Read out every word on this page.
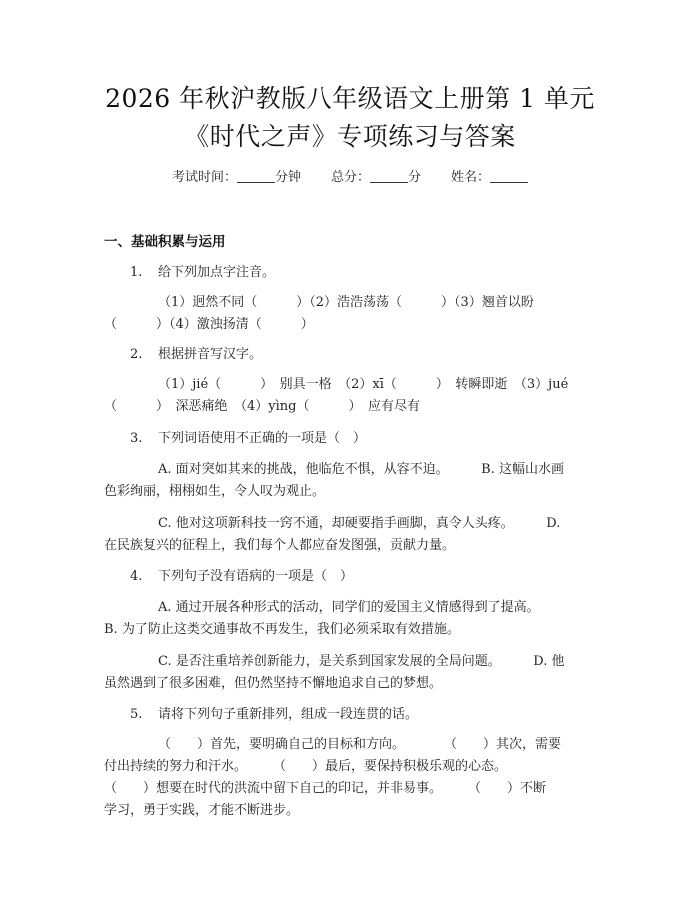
2026 年秋沪教版八年级语文上册第 1 单元
《时代之声》专项练习与答案
考试时间：	分钟 总分：	分 姓名：
一、基础积累与运用
1. 给下列加点字注音。
（1）迥然不同（　　　）（2）浩浩荡荡（　　　）（3）翘首以盼
（　　　）（4）激浊扬清（　　　）
2. 根据拼音写汉字。
（1）jié（　　　）　别具一格　（2）xī（　　　）　转瞬即逝　（3）jué
（　　　）　深恶痛绝　（4）yìng（　　　）　应有尽有
3. 下列词语使用不正确的一项是（　）
A. 面对突如其来的挑战，他临危不惧，从容不迫。　　　B. 这幅山水画
色彩绚丽，栩栩如生，令人叹为观止。
C. 他对这项新科技一窍不通，却硬要指手画脚，真令人头疼。　　　D.
在民族复兴的征程上，我们每个人都应奋发图强，贡献力量。
4. 下列句子没有语病的一项是（　）
A. 通过开展各种形式的活动，同学们的爱国主义情感得到了提高。
B. 为了防止这类交通事故不再发生，我们必须采取有效措施。
C. 是否注重培养创新能力，是关系到国家发展的全局问题。　　　D. 他
虽然遇到了很多困难，但仍然坚持不懈地追求自己的梦想。
5. 请将下列句子重新排列，组成一段连贯的话。
（　　）首先，要明确自己的目标和方向。　　　　（　　）其次，需要
付出持续的努力和汗水。　　　（　　）最后，要保持积极乐观的心态。
（　　）想要在时代的洪流中留下自己的印记，并非易事。　　　（　　）不断
学习，勇于实践，才能不断进步。
